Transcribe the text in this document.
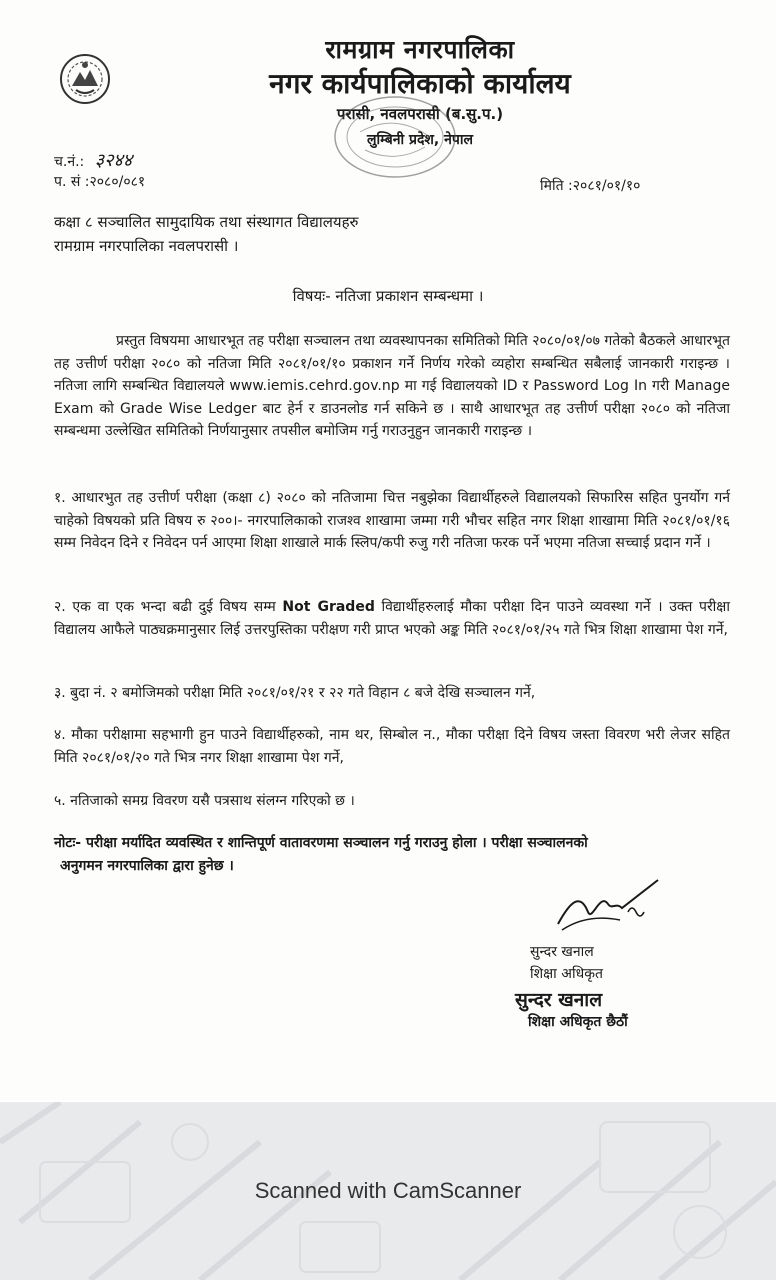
रामग्राम नगरपालिका
नगर कार्यपालिकाको कार्यालय
परासी, नवलपरासी (ब.सु.प.)
लुम्बिनी प्रदेश, नेपाल
च.नं.: ३२४४
प. सं :२०८०/०८१	मिति :२०८१/०१/१०
कक्षा ८ सञ्चालित सामुदायिक तथा संस्थागत विद्यालयहरु
रामग्राम नगरपालिका नवलपरासी ।
विषयः- नतिजा प्रकाशन सम्बन्धमा ।

प्रस्तुत विषयमा आधारभूत तह परीक्षा सञ्चालन तथा व्यवस्थापनका समितिको मिति २०८०/०१/०७ गतेको बैठकले आधारभूत तह उत्तीर्ण परीक्षा २०८० को नतिजा मिति २०८१/०१/१० प्रकाशन गर्ने निर्णय गरेको व्यहोरा सम्बन्धित सबैलाई जानकारी गराइन्छ । नतिजा लागि सम्बन्धित विद्यालयले www.iemis.cehrd.gov.np मा गई विद्यालयको ID र Password Log In गरी Manage Exam को Grade Wise Ledger बाट हेर्न र डाउनलोड गर्न सकिने छ । साथै आधारभूत तह उत्तीर्ण परीक्षा २०८० को नतिजा सम्बन्धमा उल्लेखित समितिको निर्णयानुसार तपसील बमोजिम गर्नु गराउनुहुन जानकारी गराइन्छ ।

१. आधारभुत तह उत्तीर्ण परीक्षा (कक्षा ८) २०८० को नतिजामा चित्त नबुझेका विद्यार्थीहरुले विद्यालयको सिफारिस सहित पुनर्योग गर्न चाहेको विषयको प्रति विषय रु २००।- नगरपालिकाको राजश्व शाखामा जम्मा गरी भौचर सहित नगर शिक्षा शाखामा मिति २०८१/०१/१६ सम्म निवेदन दिने र निवेदन पर्न आएमा शिक्षा शाखाले मार्क स्लिप/कपी रुजु गरी नतिजा फरक पर्ने भएमा नतिजा सच्चाई प्रदान गर्ने ।

२. एक वा एक भन्दा बढी दुई विषय सम्म Not Graded विद्यार्थीहरुलाई मौका परीक्षा दिन पाउने व्यवस्था गर्ने । उक्त परीक्षा विद्यालय आफैले पाठ्यक्रमानुसार लिई उत्तरपुस्तिका परीक्षण गरी प्राप्त भएको अङ्क मिति २०८१/०१/२५ गते भित्र शिक्षा शाखामा पेश गर्ने,

३. बुदा नं. २ बमोजिमको परीक्षा मिति २०८१/०१/२१ र २२ गते विहान ८ बजे देखि सञ्चालन गर्ने,

४. मौका परीक्षामा सहभागी हुन पाउने विद्यार्थीहरुको, नाम थर, सिम्बोल न., मौका परीक्षा दिने विषय जस्ता विवरण भरी लेजर सहित मिति २०८१/०१/२० गते भित्र नगर शिक्षा शाखामा पेश गर्ने,

५. नतिजाको समग्र विवरण यसै पत्रसाथ संलग्न गरिएको छ ।

नोटः- परीक्षा मर्यादित व्यवस्थित र शान्तिपूर्ण वातावरणमा सञ्चालन गर्नु गराउनु होला । परीक्षा सञ्चालनको
अनुगमन नगरपालिका द्वारा हुनेछ ।
सुन्दर खनाल
शिक्षा अधिकृत
सुन्दर खनाल
शिक्षा अधिकृत छैठौं
Scanned with CamScanner
